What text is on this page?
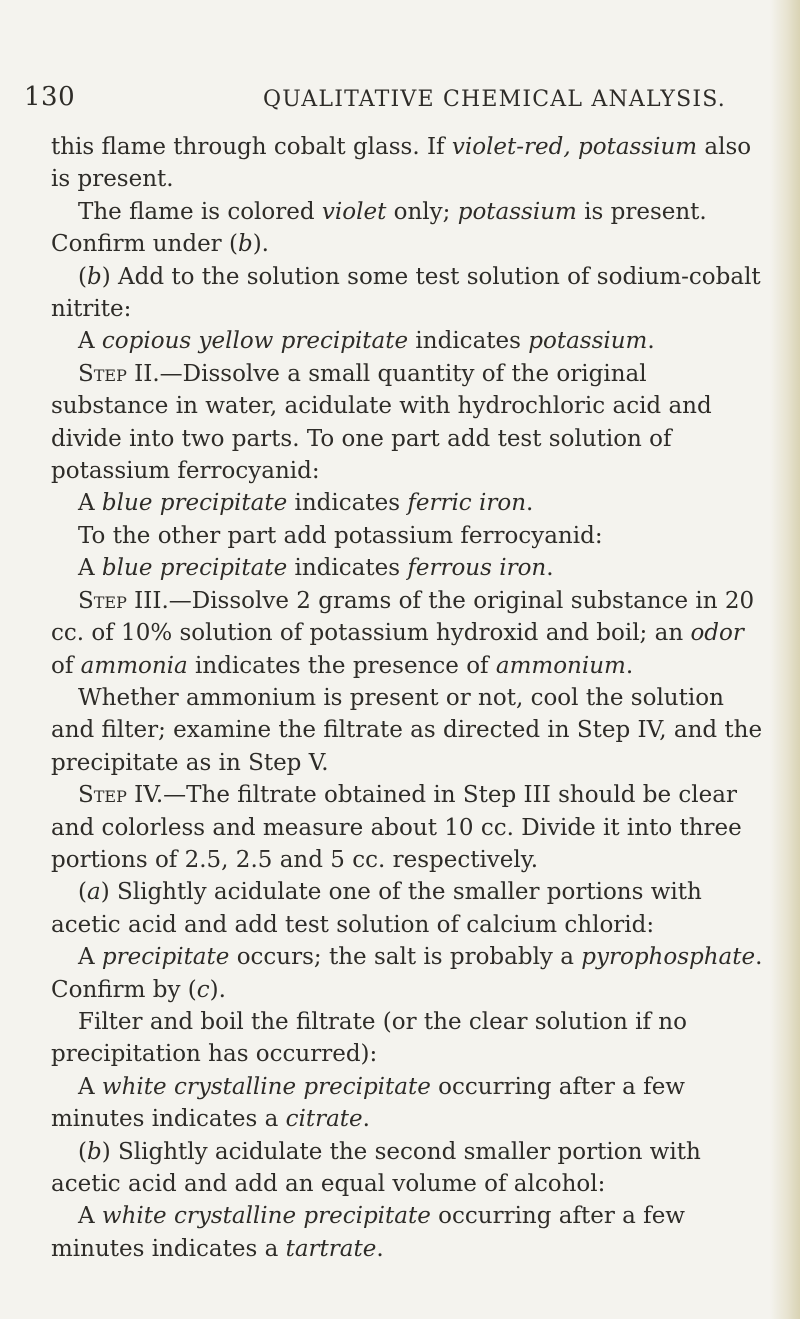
130	QUALITATIVE CHEMICAL ANALYSIS.

this flame through cobalt glass. If violet-red, potassium also is present.

The flame is colored violet only; potassium is present. Confirm under (b).

(b) Add to the solution some test solution of sodium-cobalt nitrite:

A copious yellow precipitate indicates potassium.

Step II.—Dissolve a small quantity of the original substance in water, acidulate with hydrochloric acid and divide into two parts. To one part add test solution of potassium ferrocyanid:

A blue precipitate indicates ferric iron.

To the other part add potassium ferrocyanid:

A blue precipitate indicates ferrous iron.

Step III.—Dissolve 2 grams of the original substance in 20 cc. of 10% solution of potassium hydroxid and boil; an odor of ammonia indicates the presence of ammonium.

Whether ammonium is present or not, cool the solution and filter; examine the filtrate as directed in Step IV, and the precipitate as in Step V.

Step IV.—The filtrate obtained in Step III should be clear and colorless and measure about 10 cc. Divide it into three portions of 2.5, 2.5 and 5 cc. respectively.

(a) Slightly acidulate one of the smaller portions with acetic acid and add test solution of calcium chlorid:

A precipitate occurs; the salt is probably a pyrophosphate. Confirm by (c).

Filter and boil the filtrate (or the clear solution if no precipitation has occurred):

A white crystalline precipitate occurring after a few minutes indicates a citrate.

(b) Slightly acidulate the second smaller portion with acetic acid and add an equal volume of alcohol:

A white crystalline precipitate occurring after a few minutes indicates a tartrate.
